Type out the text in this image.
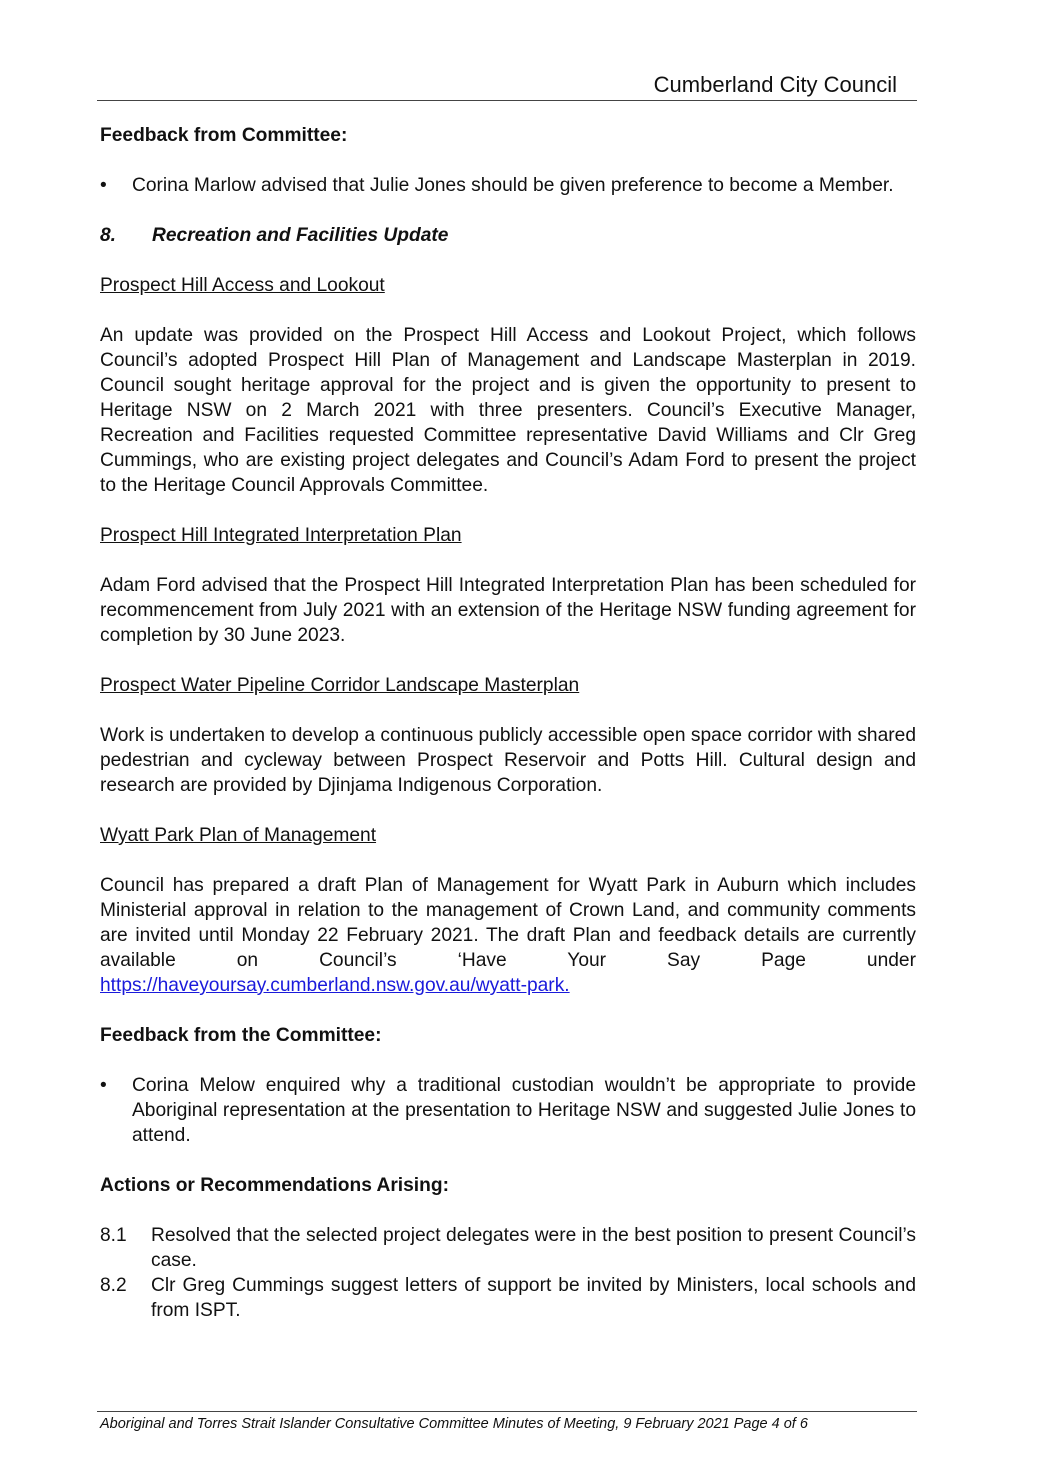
Cumberland City Council

Feedback from Committee:

• Corina Marlow advised that Julie Jones should be given preference to become a Member.
8.	Recreation and Facilities Update

Prospect Hill Access and Lookout

An update was provided on the Prospect Hill Access and Lookout Project, which follows Council’s adopted Prospect Hill Plan of Management and Landscape Masterplan in 2019. Council sought heritage approval for the project and is given the opportunity to present to Heritage NSW on 2 March 2021 with three presenters. Council’s Executive Manager, Recreation and Facilities requested Committee representative David Williams and Clr Greg Cummings, who are existing project delegates and Council’s Adam Ford to present the project to the Heritage Council Approvals Committee.

Prospect Hill Integrated Interpretation Plan

Adam Ford advised that the Prospect Hill Integrated Interpretation Plan has been scheduled for recommencement from July 2021 with an extension of the Heritage NSW funding agreement for completion by 30 June 2023.

Prospect Water Pipeline Corridor Landscape Masterplan

Work is undertaken to develop a continuous publicly accessible open space corridor with shared pedestrian and cycleway between Prospect Reservoir and Potts Hill. Cultural design and research are provided by Djinjama Indigenous Corporation.

Wyatt Park Plan of Management

Council has prepared a draft Plan of Management for Wyatt Park in Auburn which includes Ministerial approval in relation to the management of Crown Land, and community comments are invited until Monday 22 February 2021. The draft Plan and feedback details are currently available on Council’s ‘Have Your Say Page under https://haveyoursay.cumberland.nsw.gov.au/wyatt-park.

Feedback from the Committee:

• Corina Melow enquired why a traditional custodian wouldn’t be appropriate to provide Aboriginal representation at the presentation to Heritage NSW and suggested Julie Jones to attend.

Actions or Recommendations Arising:

8.1	Resolved that the selected project delegates were in the best position to present Council’s case.
8.2	Clr Greg Cummings suggest letters of support be invited by Ministers, local schools and from ISPT.
Aboriginal and Torres Strait Islander Consultative Committee Minutes of Meeting, 9 February 2021 Page 4 of 6
